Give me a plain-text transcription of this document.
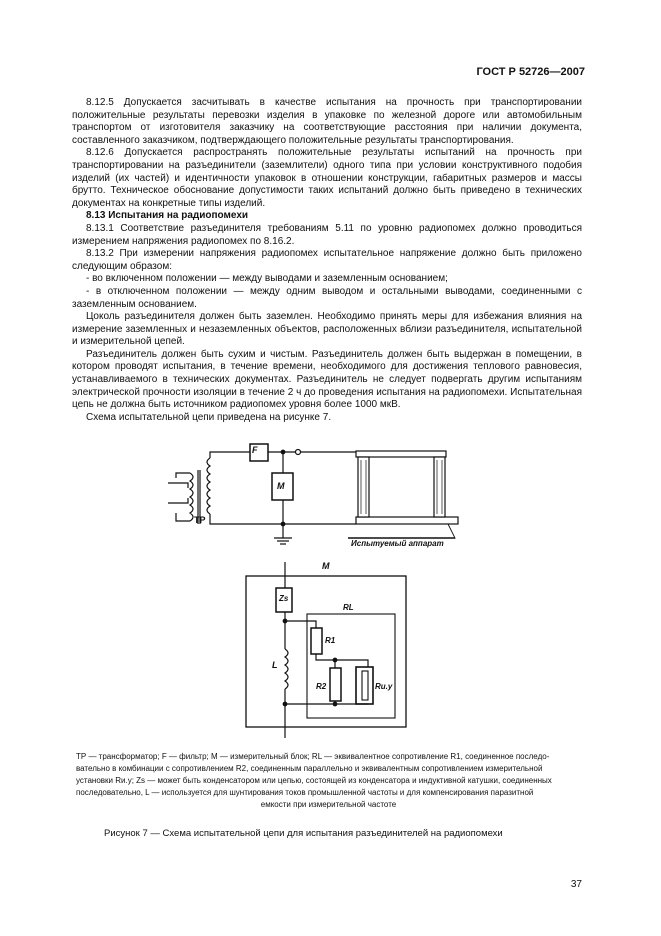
ГОСТ Р 52726—2007

8.12.5 Допускается засчитывать в качестве испытания на прочность при транспортировании положительные результаты перевозки изделия в упаковке по железной дороге или автомобильным транспортом от изготовителя заказчику на соответствующие расстояния при наличии документа, составленного заказчиком, подтверждающего положительные результаты транспортирования.

8.12.6 Допускается распространять положительные результаты испытаний на прочность при транспортировании на разъединители (заземлители) одного типа при условии конструктивного подобия изделий (их частей) и идентичности упаковок в отношении конструкции, габаритных размеров и массы брутто. Техническое обоснование допустимости таких испытаний должно быть приведено в технических документах на конкретные типы изделий.

8.13 Испытания на радиопомехи

8.13.1 Соответствие разъединителя требованиям 5.11 по уровню радиопомех должно проводиться измерением напряжения радиопомех по 8.16.2.

8.13.2 При измерении напряжения радиопомех испытательное напряжение должно быть приложено следующим образом:

- во включенном положении — между выводами и заземленным основанием;

- в отключенном положении — между одним выводом и остальными выводами, соединенными с заземленным основанием.

Цоколь разъединителя должен быть заземлен. Необходимо принять меры для избежания влияния на измерение заземленных и незаземленных объектов, расположенных вблизи разъединителя, испытательной и измерительной цепей.

Разъединитель должен быть сухим и чистым. Разъединитель должен быть выдержан в помещении, в котором проводят испытания, в течение времени, необходимого для достижения теплового равновесия, устанавливаемого в технических документах. Разъединитель не следует подвергать другим испытаниям электрической прочности изоляции в течение 2 ч до проведения испытания на радиопомехи. Испытательная цепь не должна быть источником радиопомех уровня более 1000 мкВ.

Схема испытательной цепи приведена на рисунке 7.

F
M
ТР
Испытуемый аппарат
М
Zs
RL
R1
L
R2	Rи.у
ТР — трансформатор; F — фильтр; М — измерительный блок; RL — эквивалентное сопротивление R1, соединенное последо-
вательно в комбинации с сопротивлением R2, соединенным параллельно и эквивалентным сопротивлением измерительной
установки Rи.у; Zs — может быть конденсатором или цепью, состоящей из конденсатора и индуктивной катушки, соединенных
последовательно, L — используется для шунтирования токов промышленной частоты и для компенсирования паразитной
емкости при измерительной частоте
Рисунок 7 — Схема испытательной цепи для испытания разъединителей на радиопомехи
37
